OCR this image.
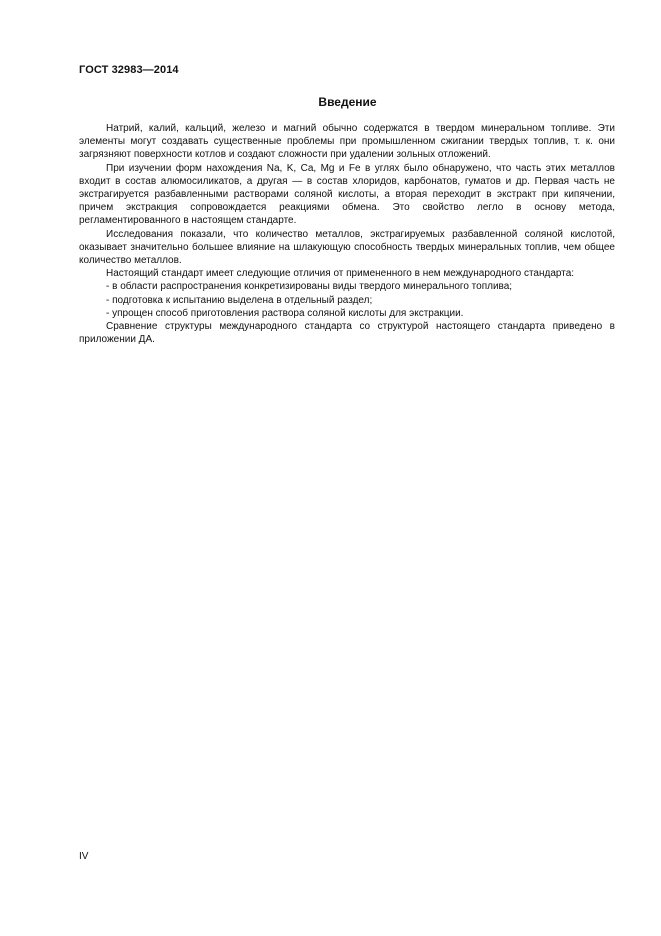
ГОСТ 32983—2014
Введение

Натрий, калий, кальций, железо и магний обычно содержатся в твердом минеральном топливе. Эти элементы могут создавать существенные проблемы при промышленном сжигании твердых топлив, т. к. они загрязняют поверхности котлов и создают сложности при удалении зольных отложений.

При изучении форм нахождения Na, K, Ca, Mg и Fe в углях было обнаружено, что часть этих металлов входит в состав алюмосиликатов, а другая — в состав хлоридов, карбонатов, гуматов и др. Первая часть не экстрагируется разбавленными растворами соляной кислоты, а вторая переходит в экстракт при кипячении, причем экстракция сопровождается реакциями обмена. Это свойство легло в основу метода, регламентированного в настоящем стандарте.

Исследования показали, что количество металлов, экстрагируемых разбавленной соляной кислотой, оказывает значительно большее влияние на шлакующую способность твердых минеральных топлив, чем общее количество металлов.

Настоящий стандарт имеет следующие отличия от примененного в нем международного стандарта:

- в области распространения конкретизированы виды твердого минерального топлива;

- подготовка к испытанию выделена в отдельный раздел;

- упрощен способ приготовления раствора соляной кислоты для экстракции.

Сравнение структуры международного стандарта со структурой настоящего стандарта приведено в приложении ДА.

IV
